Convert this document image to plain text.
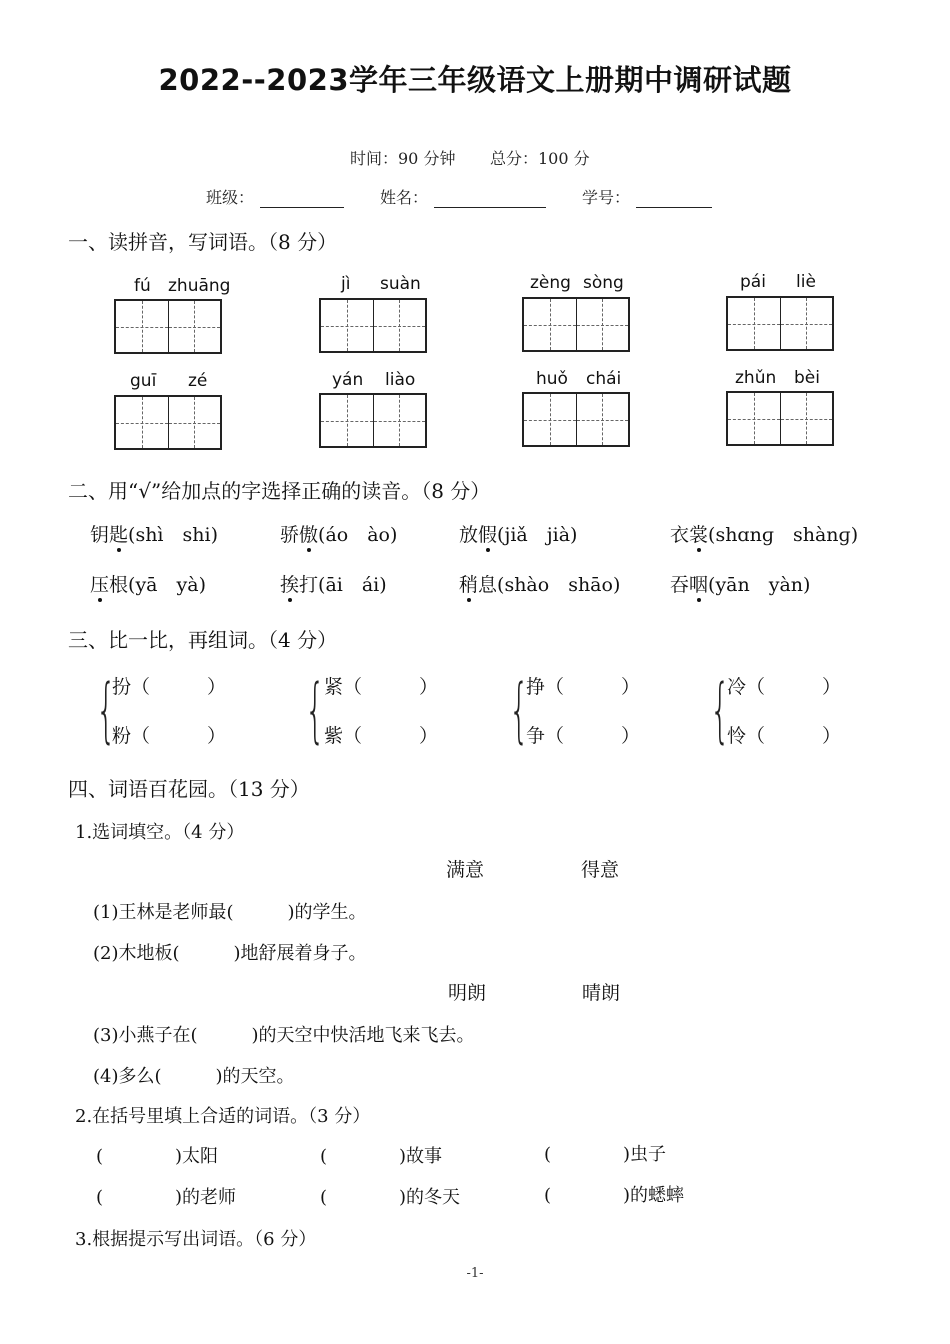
2022--2023学年三年级语文上册期中调研试题
时间：90 分钟 总分：100 分
班级：	姓名：	学号：
一、读拼音，写词语。（8 分）
fú zhuāng	jì suàn	zèng sòng	pái liè
guī zé	yán liào	huǒ chái	zhǔn bèi
二、用“√”给加点的字选择正确的读音。（8 分）
钥匙(shì　shi)	骄傲(áo　ào)	放假(jiǎ　jià)	衣裳(shɑnɡ　shànɡ)
压根(yā　yà)	挨打(āi　ái)	稍息(shào　shāo)	吞咽(yān　yàn)
三、比一比，再组词。（4 分）
{
扮（　　　）
粉（　　　） {
紧（　　　）
紫（　　　） {
挣（　　　）
争（　　　） {
冷（　　　）
怜（　　　）
四、词语百花园。（13 分）
1.选词填空。（4 分）
满意	得意
(1)王林是老师最(　　　)的学生。
(2)木地板(　　　)地舒展着身子。
明朗	晴朗
(3)小燕子在(　　　)的天空中快活地飞来飞去。
(4)多么(　　　)的天空。
2.在括号里填上合适的词语。（3 分）
(　　　　)太阳	(　　　　)故事	(　　　　)虫子
(　　　　)的老师	(　　　　)的冬天	(　　　　)的蟋蟀
3.根据提示写出词语。（6 分）
-1-
